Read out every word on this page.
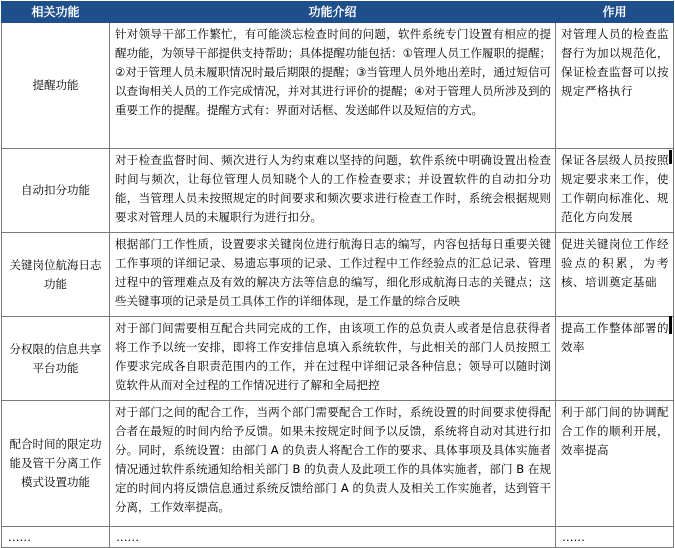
相关功能	功能介绍	作用
提醒功能	针对领导干部工作繁忙，有可能淡忘检查时间的问题，软件系统专门设置有相应的提醒功能，为领导干部提供支持帮助；具体提醒功能包括：①管理人员工作履职的提醒；②对于管理人员未履职情况时最后期限的提醒；③当管理人员外地出差时，通过短信可以查询相关人员的工作完成情况，并对其进行评价的提醒；④对于管理人员所涉及到的重要工作的提醒。提醒方式有：界面对话框、发送邮件以及短信的方式。	对管理人员的检查监督行为加以规范化，保证检查监督可以按规定严格执行
自动扣分功能	对于检查监督时间、频次进行人为约束难以坚持的问题，软件系统中明确设置出检查时间与频次，让每位管理人员知晓个人的工作检查要求；并设置软件的自动扣分功能，当管理人员未按照规定的时间要求和频次要求进行检查工作时，系统会根据规则要求对管理人员的未履职行为进行扣分。	保证各层级人员按照规定要求来工作，使工作朝向标准化、规范化方向发展
关键岗位航海日志功能	根据部门工作性质，设置要求关键岗位进行航海日志的编写，内容包括每日重要关键工作事项的详细记录、易遗忘事项的记录、工作过程中工作经验点的汇总记录、管理过程中的管理难点及有效的解决方法等信息的编写，细化形成航海日志的关键点；这些关键事项的记录是员工具体工作的详细体现，是工作量的综合反映	促进关键岗位工作经验点的积累，为考核、培训奠定基础
分权限的信息共享平台功能	对于部门间需要相互配合共同完成的工作，由该项工作的总负责人或者是信息获得者将工作予以统一安排，即将工作安排信息填入系统软件，与此相关的部门人员按照工作要求完成各自职责范围内的工作，并在过程中详细记录各种信息；领导可以随时浏览软件从而对全过程的工作情况进行了解和全局把控	提高工作整体部署的效率
配合时间的限定功能及管干分离工作模式设置功能	对于部门之间的配合工作，当两个部门需要配合工作时，系统设置的时间要求使得配合者在最短的时间内给予反馈。如果未按规定时间予以反馈，系统将自动对其进行扣分。同时，系统设置：由部门 A 的负责人将配合工作的要求、具体事项及具体实施者情况通过软件系统通知给相关部门 B 的负责人及此项工作的具体实施者，部门 B 在规定的时间内将反馈信息通过系统反馈给部门 A 的负责人及相关工作实施者，达到管干分离，工作效率提高。	利于部门间的协调配合工作的顺利开展，效率提高
……	……	……
